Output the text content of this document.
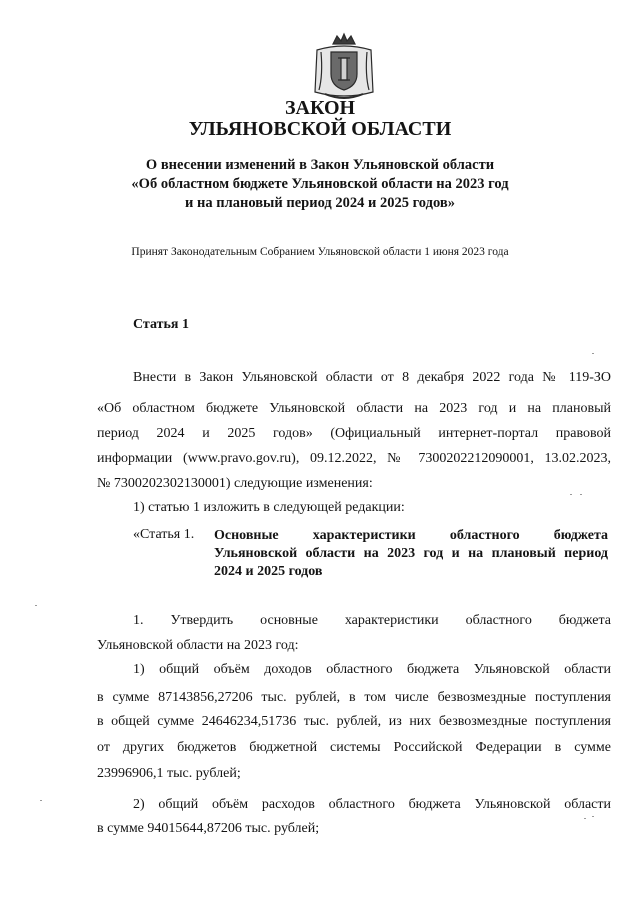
ЗАКОН
УЛЬЯНОВСКОЙ ОБЛАСТИ
О внесении изменений в Закон Ульяновской области
«Об областном бюджете Ульяновской области на 2023 год
и на плановый период 2024 и 2025 годов»
Принят Законодательным Собранием Ульяновской области 1 июня 2023 года
Статья 1
Внести в Закон Ульяновской области от 8 декабря 2022 года № 119-ЗО
«Об областном бюджете Ульяновской области на 2023 год и на плановый
период 2024 и 2025 годов» (Официальный интернет-портал правовой
информации (www.pravo.gov.ru), 09.12.2022, № 7300202212090001, 13.02.2023,
№ 7300202302130001) следующие изменения:
1) статью 1 изложить в следующей редакции:
«Статья 1. Основные характеристики областного бюджета
Ульяновской области на 2023 год и на плановый период
2024 и 2025 годов
1. Утвердить основные характеристики областного бюджета
Ульяновской области на 2023 год:
1) общий объём доходов областного бюджета Ульяновской области
в сумме 87143856,27206 тыс. рублей, в том числе безвозмездные поступления
в общей сумме 24646234,51736 тыс. рублей, из них безвозмездные поступления
от других бюджетов бюджетной системы Российской Федерации в сумме
23996906,1 тыс. рублей;
2) общий объём расходов областного бюджета Ульяновской области
в сумме 94015644,87206 тыс. рублей;
